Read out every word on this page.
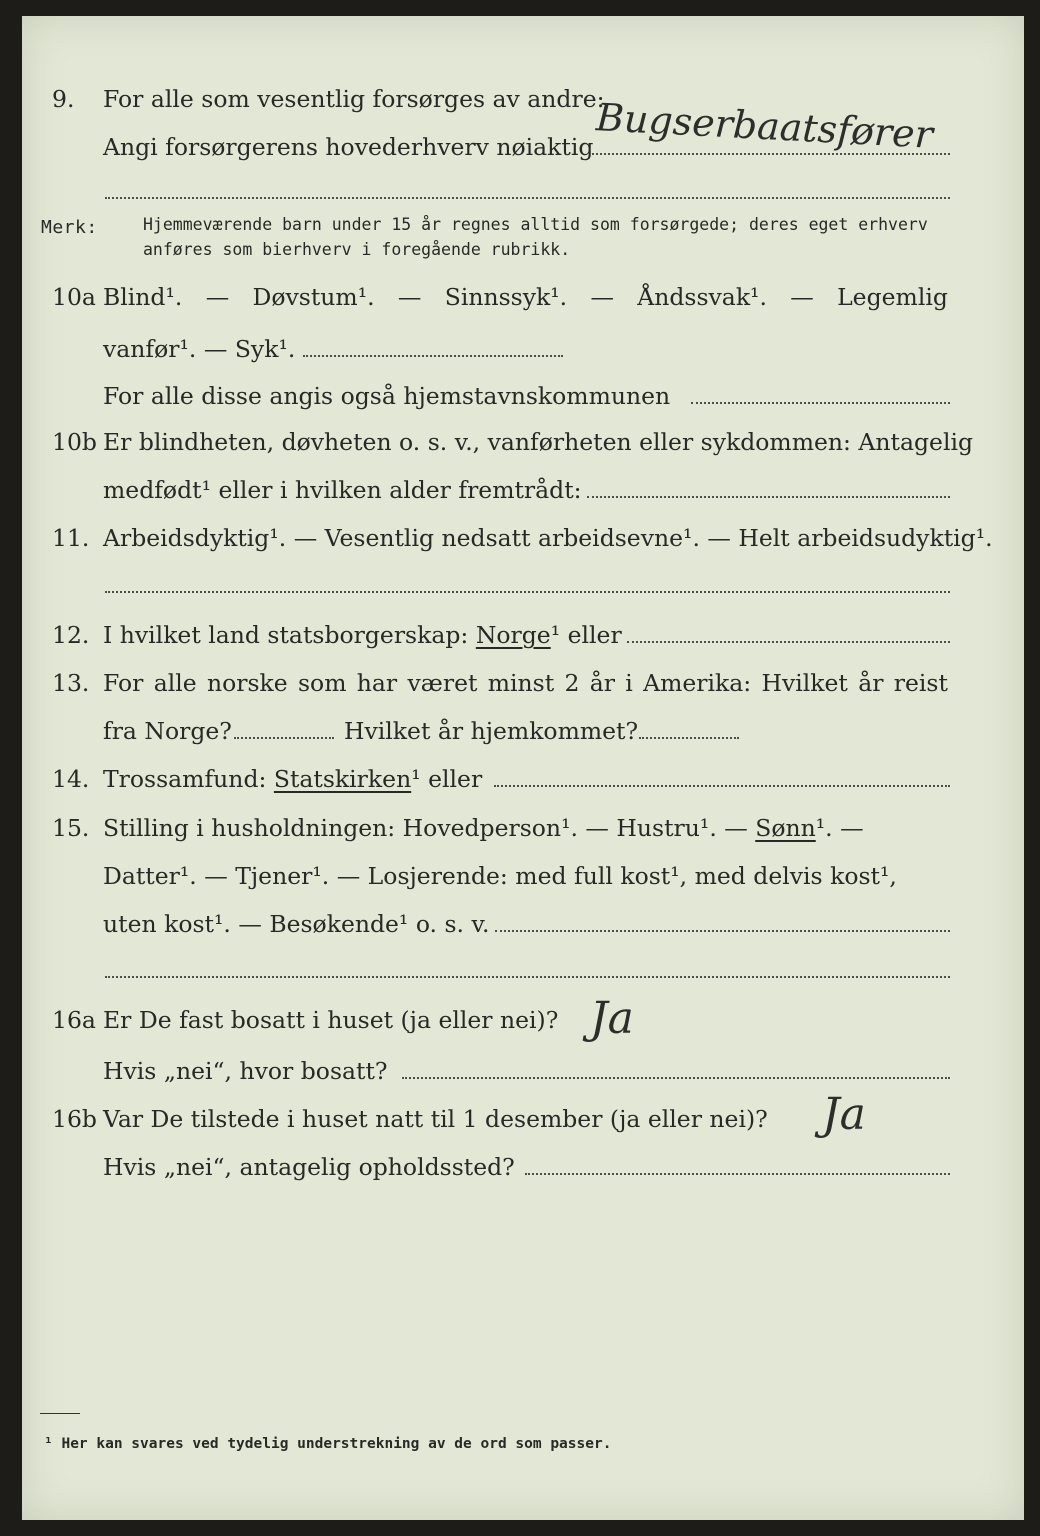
9.	For alle som vesentlig forsørges av andre:
Angi forsørgerens hovederhverv nøiaktig Bugserbaatsfører
Merk:	Hjemmeværende barn under 15 år regnes alltid som forsørgede; deres eget erhverv
anføres som bierhverv i foregående rubrikk.
10a Blind¹. — Døvstum¹. — Sinnssyk¹. — Åndssvak¹. — Legemlig
vanfør¹. — Syk¹.
For alle disse angis også hjemstavnskommunen
10b Er blindheten, døvheten o. s. v., vanførheten eller sykdommen: Antagelig
medfødt¹ eller i hvilken alder fremtrådt:
11. Arbeidsdyktig¹. — Vesentlig nedsatt arbeidsevne¹. — Helt arbeidsudyktig¹.
12. I hvilket land statsborgerskap: Norge¹ eller
13. For alle norske som har været minst 2 år i Amerika: Hvilket år reist
fra Norge?	Hvilket år hjemkommet?
14. Trossamfund: Statskirken¹ eller
15. Stilling i husholdningen: Hovedperson¹. — Hustru¹. — Sønn¹. —
Datter¹. — Tjener¹. — Losjerende: med full kost¹, med delvis kost¹,
uten kost¹. — Besøkende¹ o. s. v.
16a Er De fast bosatt i huset (ja eller nei)? Ja
Hvis „nei“, hvor bosatt?
16b Var De tilstede i huset natt til 1 desember (ja eller nei)? Ja
Hvis „nei“, antagelig opholdssted?
¹ Her kan svares ved tydelig understrekning av de ord som passer.
